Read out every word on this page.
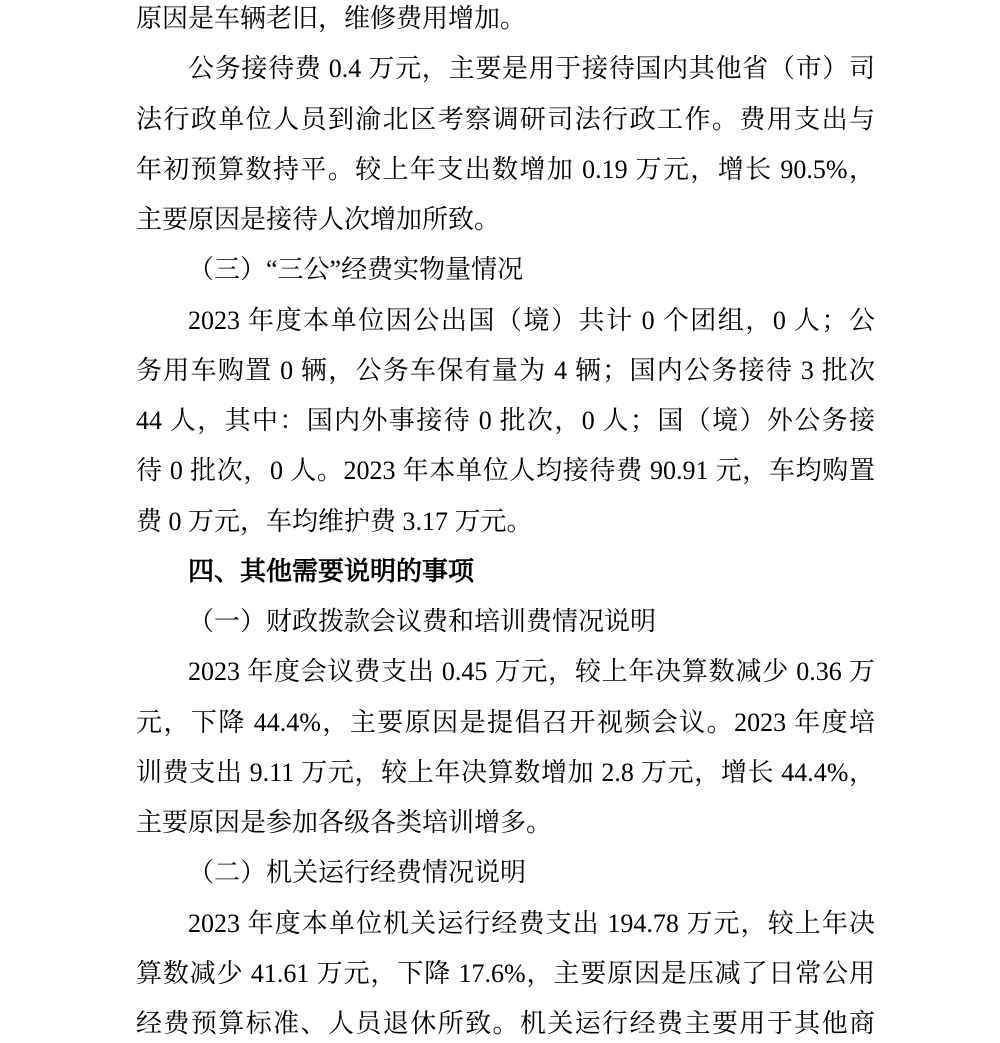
原因是车辆老旧，维修费用增加。
公务接待费 0.4 万元，主要是用于接待国内其他省（市）司
法行政单位人员到渝北区考察调研司法行政工作。费用支出与
年初预算数持平。较上年支出数增加 0.19 万元，增长 90.5%，
主要原因是接待人次增加所致。
（三）“三公”经费实物量情况
2023 年度本单位因公出国（境）共计 0 个团组，0 人；公
务用车购置 0 辆，公务车保有量为 4 辆；国内公务接待 3 批次
44 人，其中：国内外事接待 0 批次，0 人；国（境）外公务接
待 0 批次，0 人。2023 年本单位人均接待费 90.91 元，车均购置
费 0 万元，车均维护费 3.17 万元。
四、其他需要说明的事项
（一）财政拨款会议费和培训费情况说明
2023 年度会议费支出 0.45 万元，较上年决算数减少 0.36 万
元，下降 44.4%，主要原因是提倡召开视频会议。2023 年度培
训费支出 9.11 万元，较上年决算数增加 2.8 万元，增长 44.4%，
主要原因是参加各级各类培训增多。
（二）机关运行经费情况说明
2023 年度本单位机关运行经费支出 194.78 万元，较上年决
算数减少 41.61 万元，下降 17.6%，主要原因是压减了日常公用
经费预算标准、人员退休所致。机关运行经费主要用于其他商
